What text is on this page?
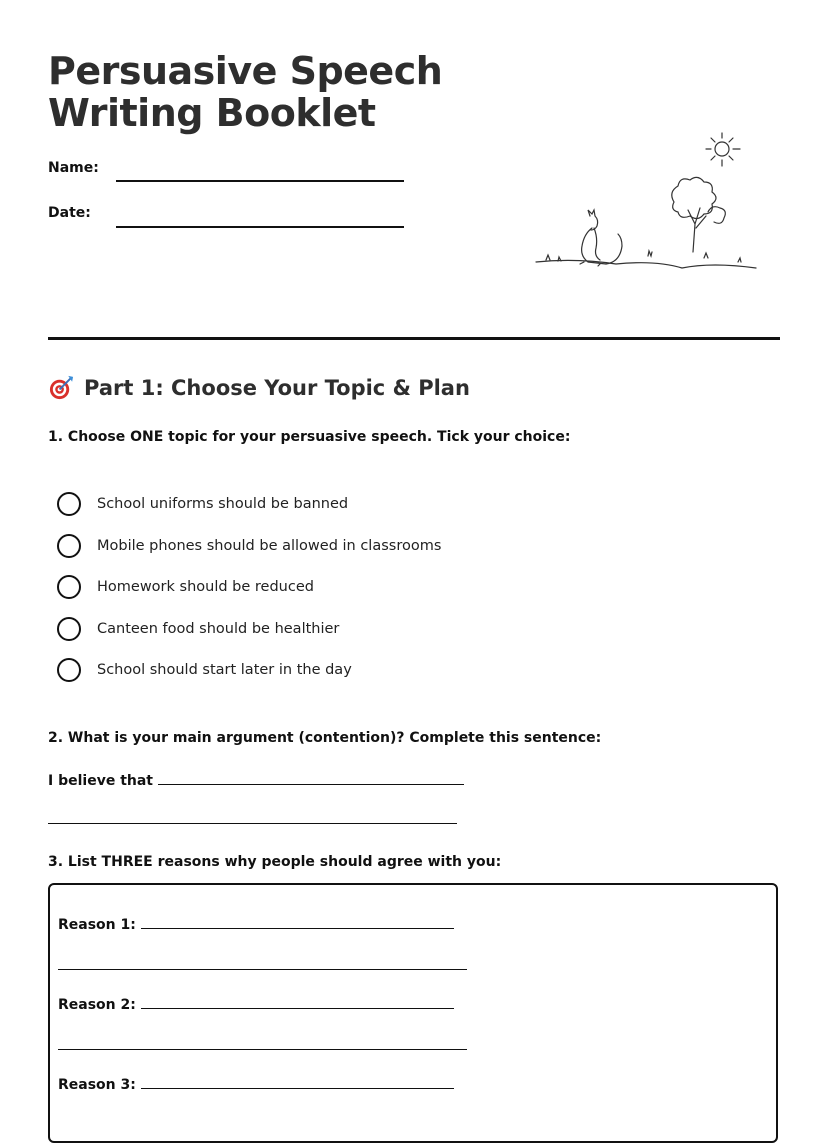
Persuasive Speech
Writing Booklet
Name:
Date:
Part 1: Choose Your Topic & Plan

1. Choose ONE topic for your persuasive speech. Tick your choice:

School uniforms should be banned
Mobile phones should be allowed in classrooms
Homework should be reduced
Canteen food should be healthier
School should start later in the day

2. What is your main argument (contention)? Complete this sentence:

I believe that

3. List THREE reasons why people should agree with you:

Reason 1:
Reason 2:
Reason 3:
